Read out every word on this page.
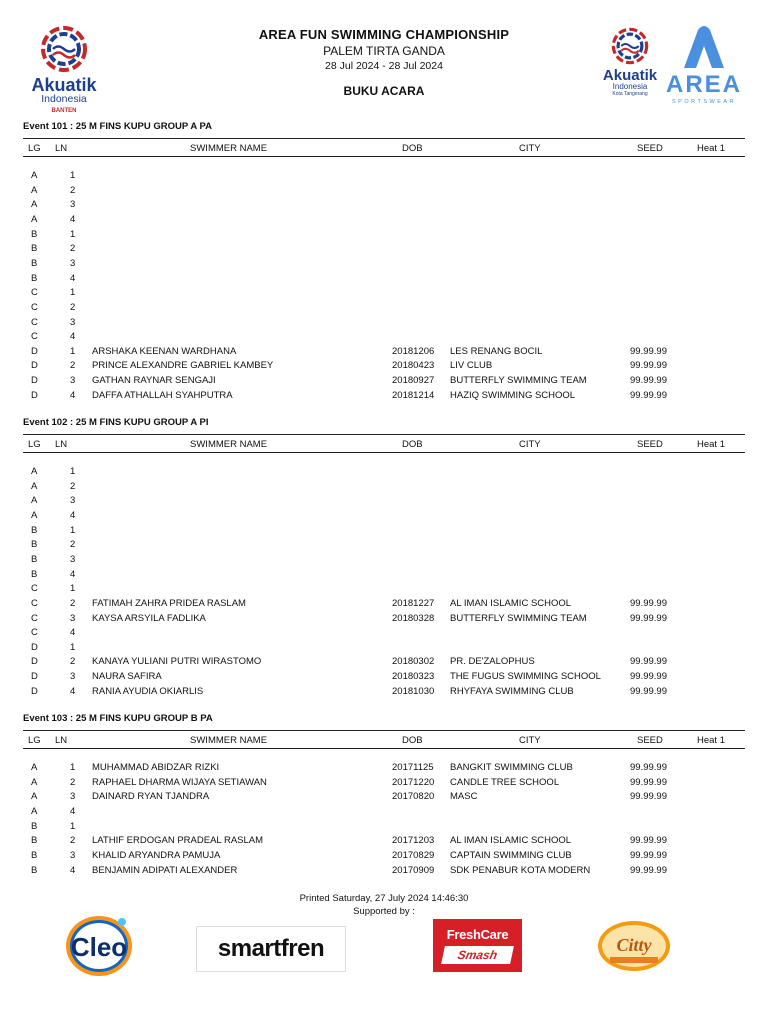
Akuatik
Indonesia
BANTEN
AREA FUN SWIMMING CHAMPIONSHIP
PALEM TIRTA GANDA
28 Jul 2024 - 28 Jul 2024
BUKU ACARA
Akuatik
Indonesia
Kota Tangerang AREA
SPORTSWEAR
Event 101 : 25 M FINS KUPU GROUP A PA
LG LN	SWIMMER NAME	DOB	CITY	SEED	Heat 1
Event 102 : 25 M FINS KUPU GROUP A PI
LG LN	SWIMMER NAME	DOB	CITY	SEED	Heat 1
Event 103 : 25 M FINS KUPU GROUP B PA
LG LN	SWIMMER NAME	DOB	CITY	SEED	Heat 1
Printed Saturday, 27 July 2024 14:46:30
Supported by :
Cleo	smartfren
FreshCare
Smash	Citty
A	1
A	2
A	3
A	4
B	1
B	2
B	3
B	4
C	1
C	2
C	3
C	4
D	1 ARSHAKA KEENAN WARDHANA	20181206 LES RENANG BOCIL	99.99.99
D	2 PRINCE ALEXANDRE GABRIEL KAMBEY	20180423 LIV CLUB	99.99.99
D	3 GATHAN RAYNAR SENGAJI	20180927 BUTTERFLY SWIMMING TEAM	99.99.99
D	4 DAFFA ATHALLAH SYAHPUTRA	20181214 HAZIQ SWIMMING SCHOOL	99.99.99
A	1
A	2
A	3
A	4
B	1
B	2
B	3
B	4
C	1
C	2 FATIMAH ZAHRA PRIDEA RASLAM	20181227 AL IMAN ISLAMIC SCHOOL	99.99.99
C	3 KAYSA ARSYILA FADLIKA	20180328 BUTTERFLY SWIMMING TEAM	99.99.99
C	4
D	1
D	2 KANAYA YULIANI PUTRI WIRASTOMO	20180302 PR. DE'ZALOPHUS	99.99.99
D	3 NAURA SAFIRA	20180323 THE FUGUS SWIMMING SCHOOL	99.99.99
D	4 RANIA AYUDIA OKIARLIS	20181030 RHYFAYA SWIMMING CLUB	99.99.99
A	1 MUHAMMAD ABIDZAR RIZKI	20171125 BANGKIT SWIMMING CLUB	99.99.99
A	2 RAPHAEL DHARMA WIJAYA SETIAWAN	20171220 CANDLE TREE SCHOOL	99.99.99
A	3 DAINARD RYAN TJANDRA	20170820 MASC	99.99.99
A	4
B	1
B	2 LATHIF ERDOGAN PRADEAL RASLAM	20171203 AL IMAN ISLAMIC SCHOOL	99.99.99
B	3 KHALID ARYANDRA PAMUJA	20170829 CAPTAIN SWIMMING CLUB	99.99.99
B	4 BENJAMIN ADIPATI ALEXANDER	20170909 SDK PENABUR KOTA MODERN	99.99.99
